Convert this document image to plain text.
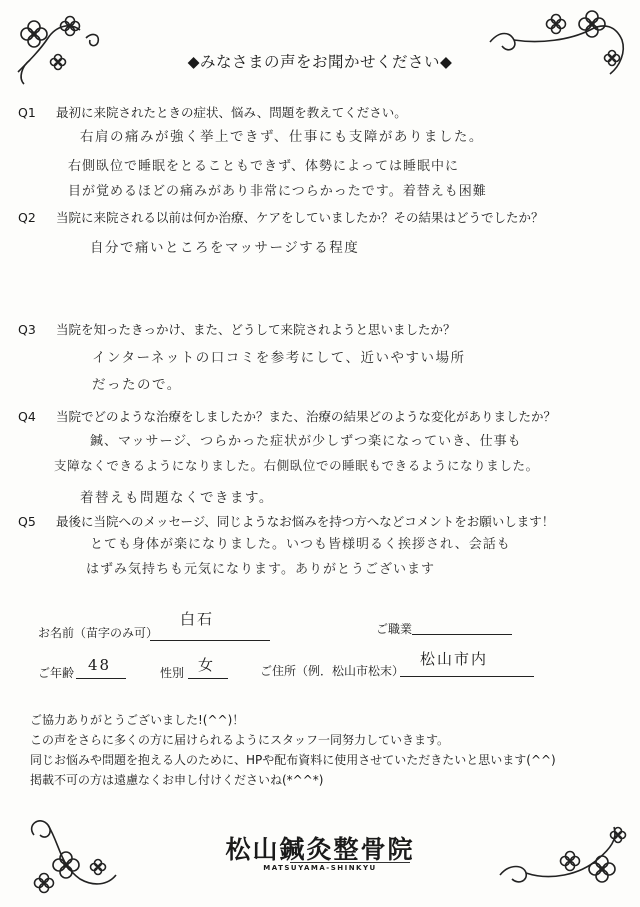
◆みなさまの声をお聞かせください◆
Q1 最初に来院されたときの症状、悩み、問題を教えてください。
右肩の痛みが強く挙上できず、仕事にも支障がありました。
右側臥位で睡眠をとることもできず、体勢によっては睡眠中に
目が覚めるほどの痛みがあり非常につらかったです。着替えも困難
Q2 当院に来院される以前は何か治療、ケアをしていましたか？その結果はどうでしたか？
自分で痛いところをマッサージする程度
Q3 当院を知ったきっかけ、また、どうして来院されようと思いましたか？
インターネットの口コミを参考にして、近いやすい場所
だったので。
Q4 当院でどのような治療をしましたか？また、治療の結果どのような変化がありましたか？
鍼、マッサージ、つらかった症状が少しずつ楽になっていき、仕事も
支障なくできるようになりました。右側臥位での睡眠もできるようになりました。
着替えも問題なくできます。
Q5 最後に当院へのメッセージ、同じようなお悩みを持つ方へなどコメントをお願いします！
とても身体が楽になりました。いつも皆様明るく挨拶され、会話も
はずみ気持ちも元気になります。ありがとうございます
お名前（苗字のみ可）
白石
ご職業
ご年齢 48	性別 女	ご住所（例．松山市松末）
松山市内
ご協力ありがとうございました!(^^)！
この声をさらに多くの方に届けられるようにスタッフ一同努力していきます。
同じお悩みや問題を抱える人のために、HPや配布資料に使用させていただきたいと思います(^^)
掲載不可の方は遠慮なくお申し付けくださいね(*^^*)
松山鍼灸整骨院
MATSUYAMA-SHINKYU
